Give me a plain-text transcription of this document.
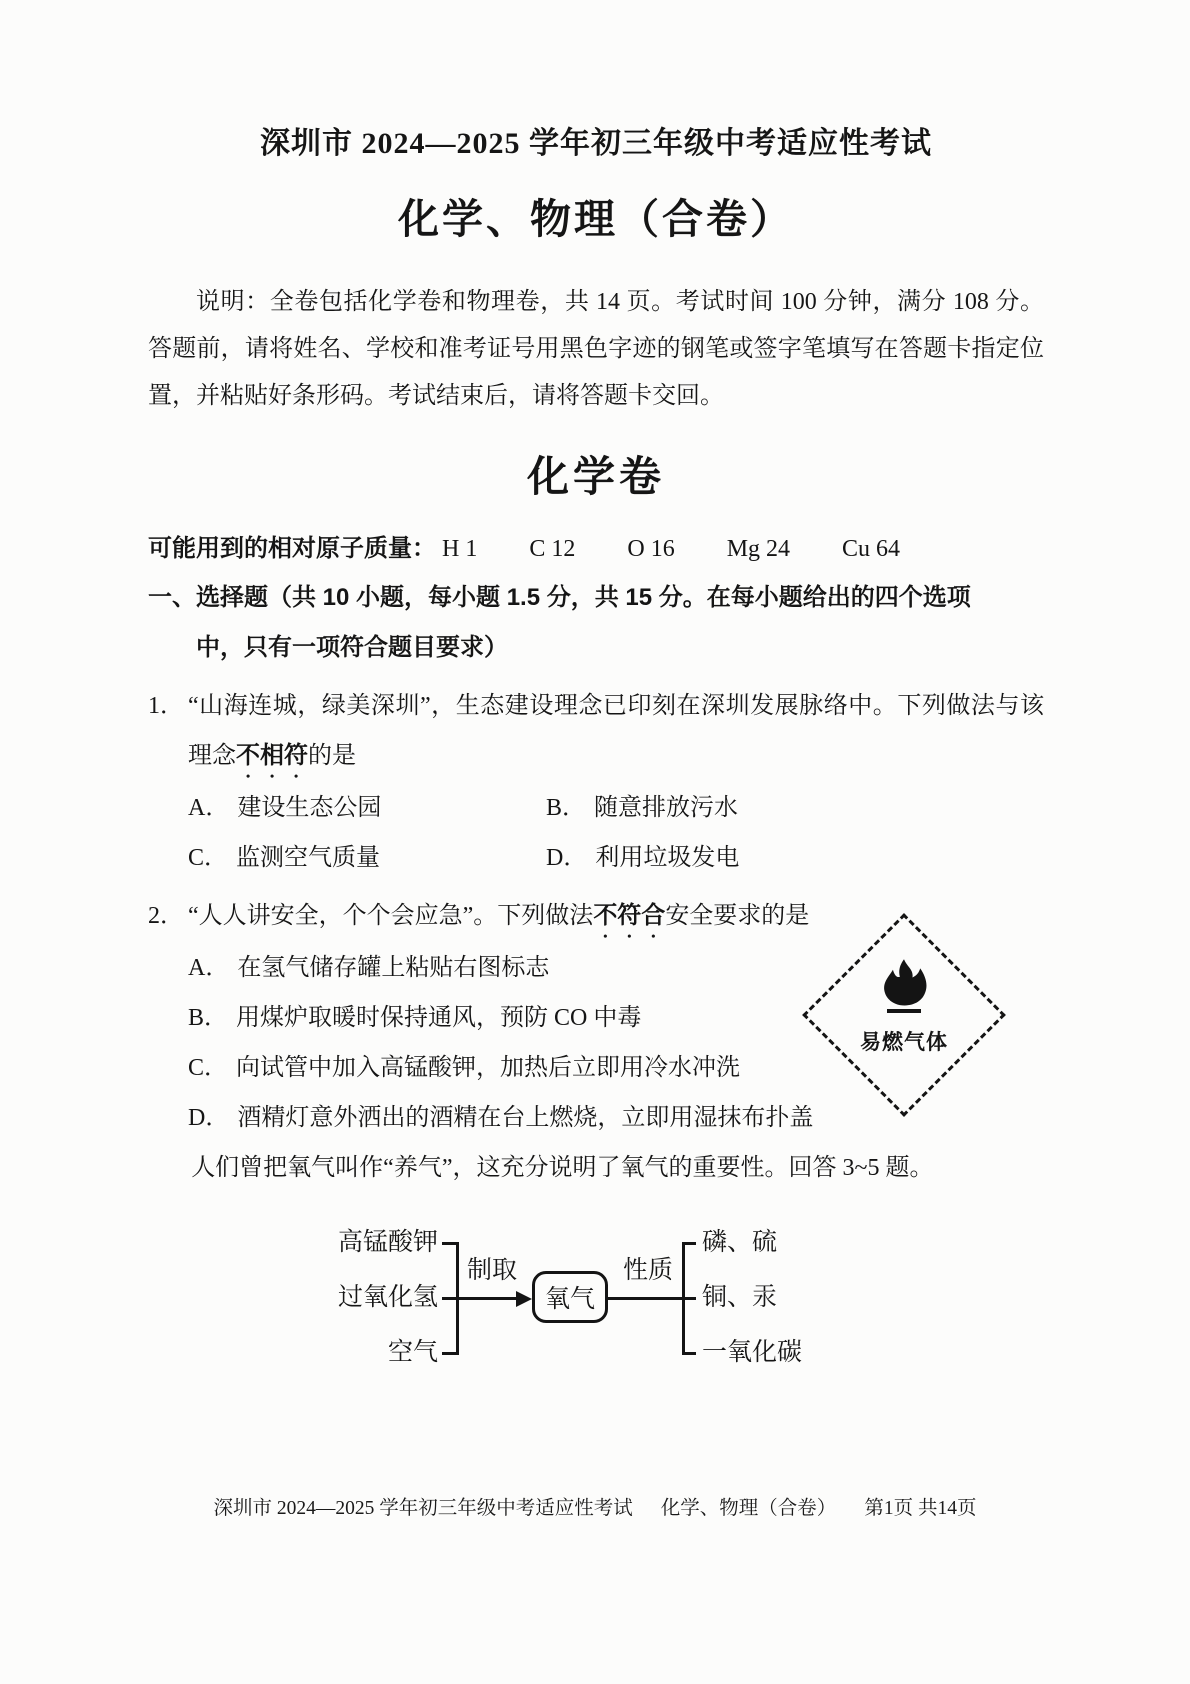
深圳市 2024—2025 学年初三年级中考适应性考试
化学、物理（合卷）

说明：全卷包括化学卷和物理卷，共 14 页。考试时间 100 分钟，满分 108 分。答题前，请将姓名、学校和准考证号用黑色字迹的钢笔或签字笔填写在答题卡指定位置，并粘贴好条形码。考试结束后，请将答题卡交回。

化学卷
可能用到的相对原子质量： H 1 C 12 O 16 Mg 24 Cu 64
一、选择题（共 10 小题，每小题 1.5 分，共 15 分。在每小题给出的四个选项
中，只有一项符合题目要求）

1． “山海连城，绿美深圳”，生态建设理念已印刻在深圳发展脉络中。下列做法与该理念不相符的是

A． 建设生态公园	B． 随意排放污水
C． 监测空气质量	D． 利用垃圾发电

2． “人人讲安全，个个会应急”。下列做法不符合安全要求的是

A． 在氢气储存罐上粘贴右图标志
B． 用煤炉取暖时保持通风，预防 CO 中毒
C． 向试管中加入高锰酸钾，加热后立即用冷水冲洗
D． 酒精灯意外洒出的酒精在台上燃烧，立即用湿抹布扑盖
易燃气体

人们曾把氧气叫作“养气”，这充分说明了氧气的重要性。回答 3~5 题。

高锰酸钾
过氧化氢
空气
制取
氧气
性质
磷、硫
铜、汞
一氧化碳
深圳市 2024—2025 学年初三年级中考适应性考试 化学、物理（合卷） 第1页 共14页
